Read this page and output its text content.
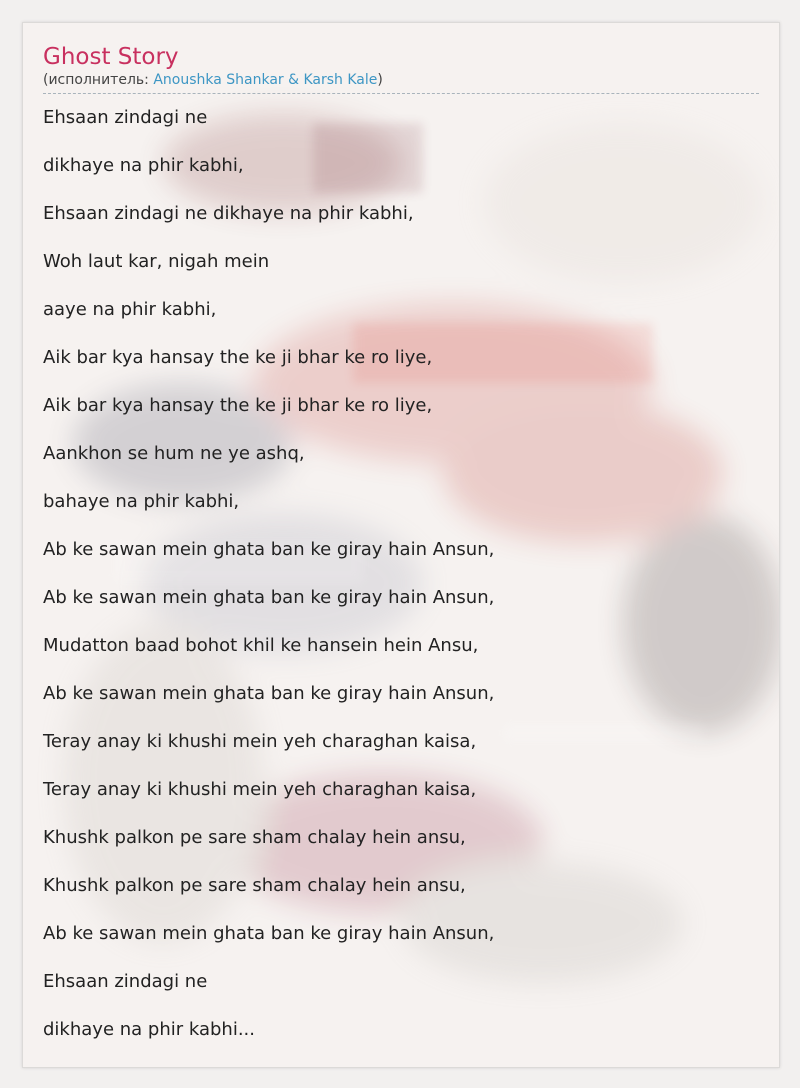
Ghost Story
(исполнитель: Anoushka Shankar & Karsh Kale)
Ehsaan zindagi ne
dikhaye na phir kabhi,
Ehsaan zindagi ne dikhaye na phir kabhi,
Woh laut kar, nigah mein
aaye na phir kabhi,
Aik bar kya hansay the ke ji bhar ke ro liye,
Aik bar kya hansay the ke ji bhar ke ro liye,
Aankhon se hum ne ye ashq,
bahaye na phir kabhi,
Ab ke sawan mein ghata ban ke giray hain Ansun,
Ab ke sawan mein ghata ban ke giray hain Ansun,
Mudatton baad bohot khil ke hansein hein Ansu,
Ab ke sawan mein ghata ban ke giray hain Ansun,
Teray anay ki khushi mein yeh charaghan kaisa,
Teray anay ki khushi mein yeh charaghan kaisa,
Khushk palkon pe sare sham chalay hein ansu,
Khushk palkon pe sare sham chalay hein ansu,
Ab ke sawan mein ghata ban ke giray hain Ansun,
Ehsaan zindagi ne
dikhaye na phir kabhi...
